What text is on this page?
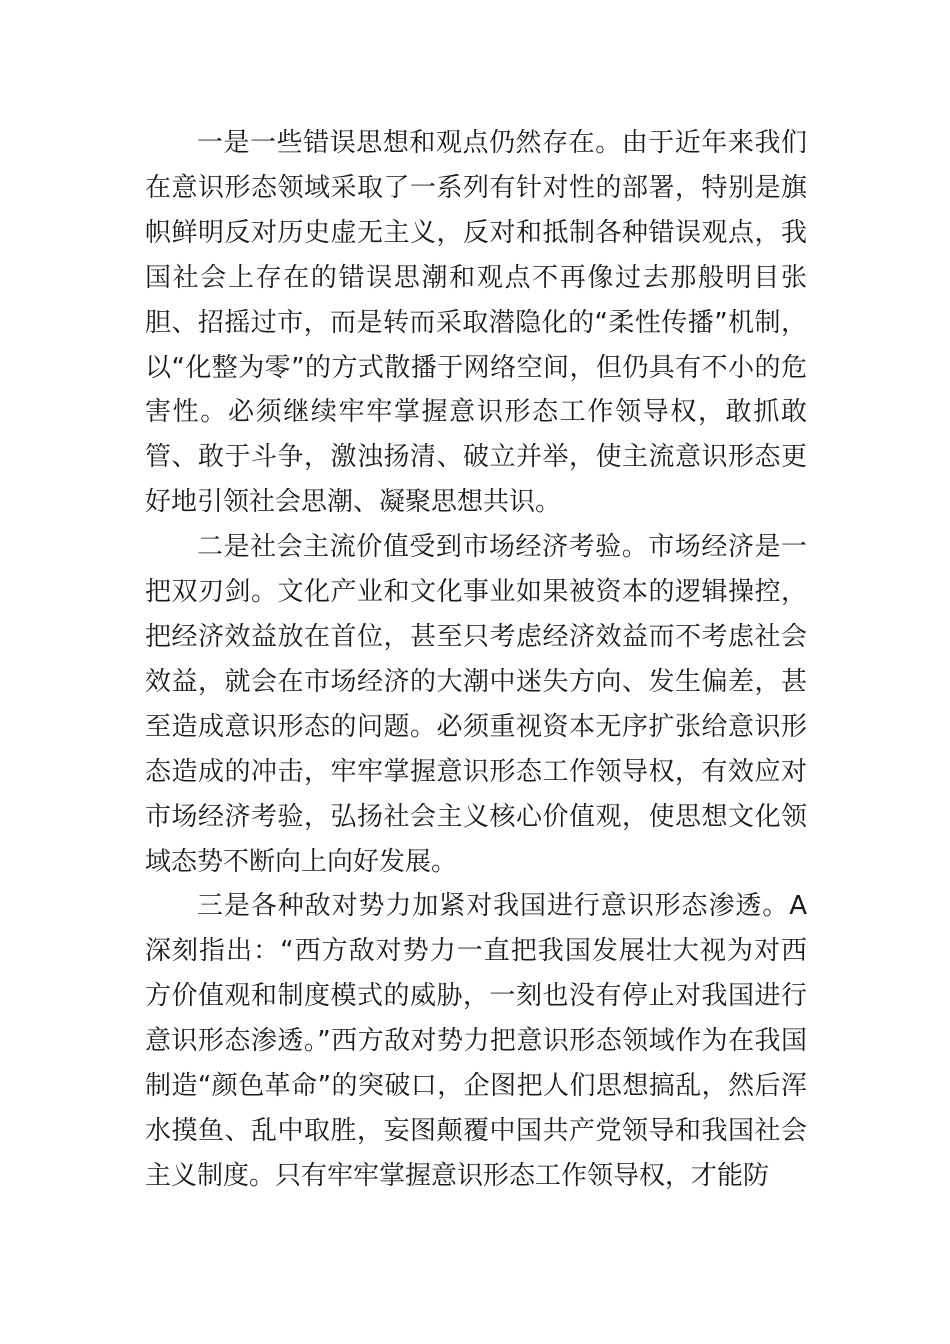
一是一些错误思想和观点仍然存在。由于近年来我们在意识形态领域采取了一系列有针对性的部署，特别是旗帜鲜明反对历史虚无主义，反对和抵制各种错误观点，我国社会上存在的错误思潮和观点不再像过去那般明目张胆、招摇过市，而是转而采取潜隐化的“柔性传播”机制，以“化整为零”的方式散播于网络空间，但仍具有不小的危害性。必须继续牢牢掌握意识形态工作领导权，敢抓敢管、敢于斗争，激浊扬清、破立并举，使主流意识形态更好地引领社会思潮、凝聚思想共识。

二是社会主流价值受到市场经济考验。市场经济是一把双刃剑。文化产业和文化事业如果被资本的逻辑操控，把经济效益放在首位，甚至只考虑经济效益而不考虑社会效益，就会在市场经济的大潮中迷失方向、发生偏差，甚至造成意识形态的问题。必须重视资本无序扩张给意识形态造成的冲击，牢牢掌握意识形态工作领导权，有效应对市场经济考验，弘扬社会主义核心价值观，使思想文化领域态势不断向上向好发展。

三是各种敌对势力加紧对我国进行意识形态渗透。A深刻指出：“西方敌对势力一直把我国发展壮大视为对西方价值观和制度模式的威胁，一刻也没有停止对我国进行意识形态渗透。”西方敌对势力把意识形态领域作为在我国制造“颜色革命”的突破口，企图把人们思想搞乱，然后浑水摸鱼、乱中取胜，妄图颠覆中国共产党领导和我国社会主义制度。只有牢牢掌握意识形态工作领导权，才能防
